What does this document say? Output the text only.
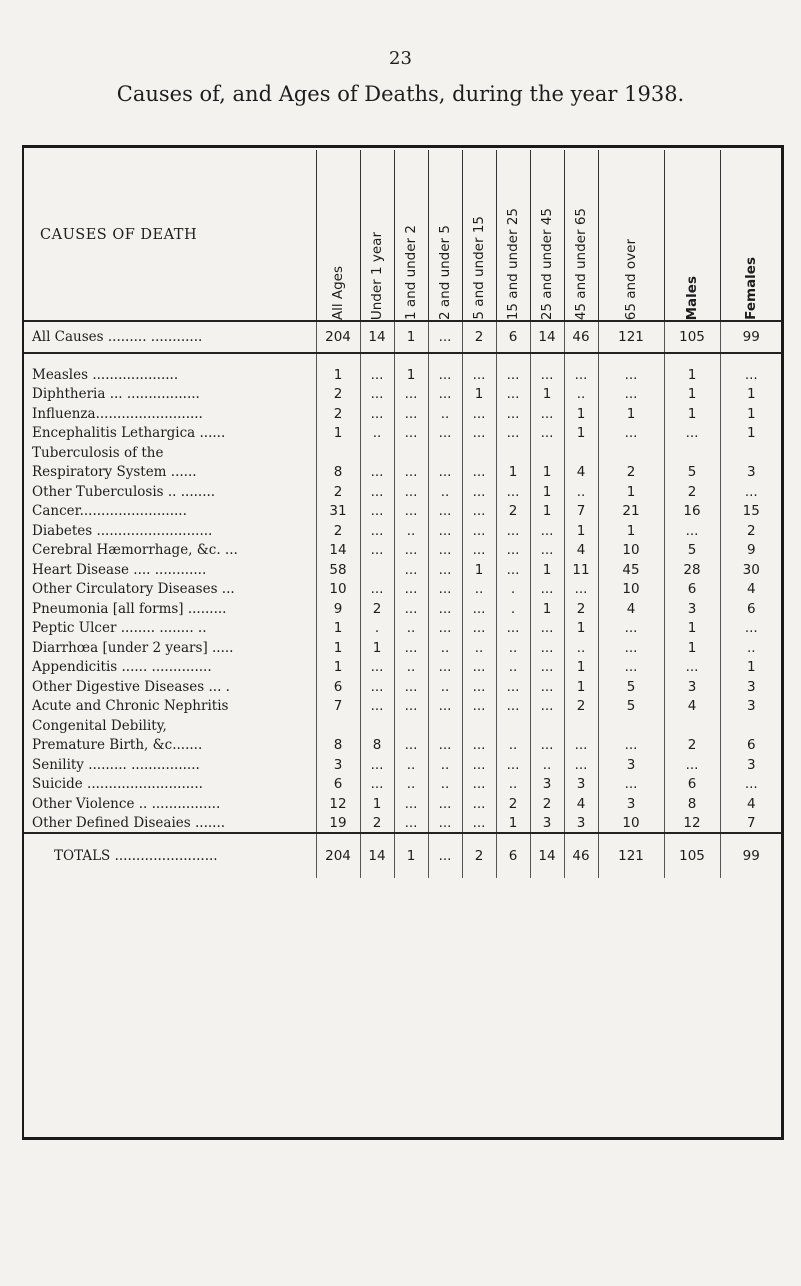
23
Causes of, and Ages of Deaths, during the year 1938.
CAUSES OF DEATH	All Ages	Under 1 year	1 and under 2	2 and under 5	5 and under 15	15 and under 25	25 and under 45	45 and under 65	65 and over	Males	Females

All Causes ......... ............	204	14	1	...	2	6	14	46	121	105	99

Measles ....................	1	...	1	...	...	...	...	...	...	1	...
Diphtheria ... .................	2	...	...	...	1	...	1	..	...	1	1
Influenza.........................	2	...	...	..	...	...	...	1	1	1	1
Encephalitis Lethargica ......	1	..	...	...	...	...	...	1	...	...	1
Tuberculosis of the											
Respiratory System ......	8	...	...	...	...	1	1	4	2	5	3
Other Tuberculosis .. ........	2	...	...	..	...	...	1	..	1	2	...
Cancer.........................	31	...	...	...	...	2	1	7	21	16	15
Diabetes ...........................	2	...	..	...	...	...	...	1	1	...	2
Cerebral Hæmorrhage, &c. ...	14	...	...	...	...	...	...	4	10	5	9
Heart Disease .... ............	58		...	...	1	...	1	11	45	28	30
Other Circulatory Diseases ...	10	...	...	...	..	.	...	...	10	6	4
Pneumonia [all forms] .........	9	2	...	...	...	.	1	2	4	3	6
Peptic Ulcer ........ ........ ..	1	.	..	...	...	...	...	1	...	1	...
Diarrhœa [under 2 years] .....	1	1	...	..	..	..	...	..	...	1	..
Appendicitis ...... ..............	1	...	..	...	...	..	...	1	...	...	1
Other Digestive Diseases ... .	6	...	...	..	...	...	...	1	5	3	3
Acute and Chronic Nephritis	7	...	...	...	...	...	...	2	5	4	3
Congenital Debility,											
Premature Birth, &c.......	8	8	...	...	...	..	...	...	...	2	6
Senility ......... ................	3	...	..	..	...	...	..	...	3	...	3
Suicide ...........................	6	...	..	..	...	..	3	3	...	6	...
Other Violence .. ................	12	1	...	...	...	2	2	4	3	8	4
Other Defined Diseaies .......	19	2	...	...	...	1	3	3	10	12	7
TOTALS ........................	204	14	1	...	2	6	14	46	121	105	99
